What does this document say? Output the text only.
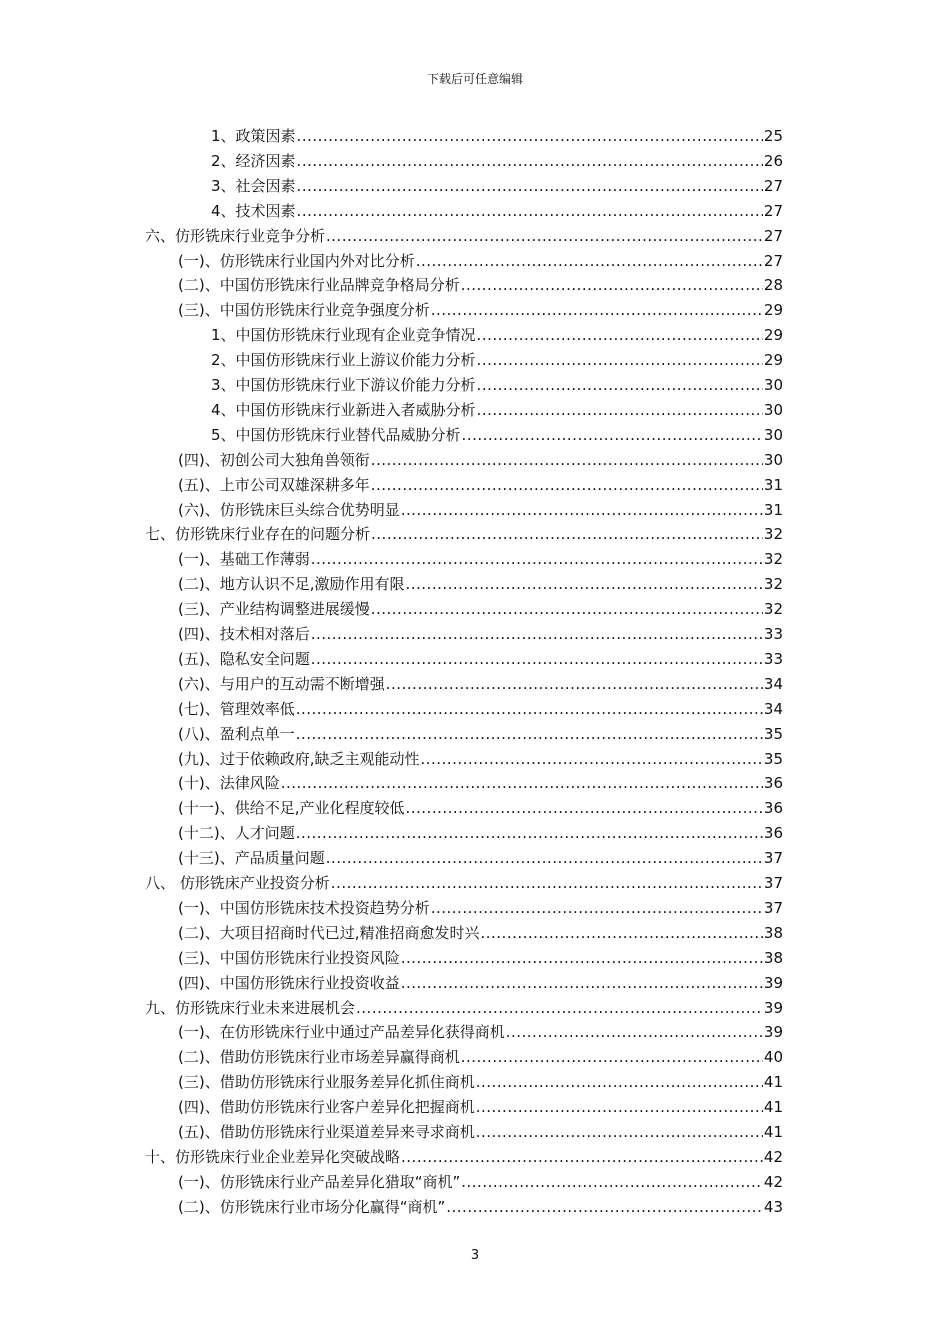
下载后可任意编辑
1、政策因素 .....	25
2、经济因素 .....	26
3、社会因素 .....	27
4、技术因素 .....	27
六、仿形铣床行业竞争分析 .....	27
(一)、仿形铣床行业国内外对比分析 .....	27
(二)、中国仿形铣床行业品牌竞争格局分析 .....	28
(三)、中国仿形铣床行业竞争强度分析 .....	29
1、中国仿形铣床行业现有企业竞争情况 .....	29
2、中国仿形铣床行业上游议价能力分析 .....	29
3、中国仿形铣床行业下游议价能力分析 .....	30
4、中国仿形铣床行业新进入者威胁分析 .....	30
5、中国仿形铣床行业替代品威胁分析 .....	30
(四)、初创公司大独角兽领衔 .....	30
(五)、上市公司双雄深耕多年 .....	31
(六)、仿形铣床巨头综合优势明显 .....	31
七、仿形铣床行业存在的问题分析 .....	32
(一)、基础工作薄弱 .....	32
(二)、地方认识不足,激励作用有限 .....	32
(三)、产业结构调整进展缓慢 .....	32
(四)、技术相对落后 .....	33
(五)、隐私安全问题 .....	33
(六)、与用户的互动需不断增强 .....	34
(七)、管理效率低 .....	34
(八)、盈利点单一 .....	35
(九)、过于依赖政府,缺乏主观能动性 .....	35
(十)、法律风险 .....	36
(十一)、供给不足,产业化程度较低 .....	36
(十二)、人才问题 .....	36
(十三)、产品质量问题 .....	37
八、 仿形铣床产业投资分析 .....	37
(一)、中国仿形铣床技术投资趋势分析 .....	37
(二)、大项目招商时代已过,精准招商愈发时兴 .....	38
(三)、中国仿形铣床行业投资风险 .....	38
(四)、中国仿形铣床行业投资收益 .....	39
九、仿形铣床行业未来进展机会 .....	39
(一)、在仿形铣床行业中通过产品差异化获得商机 .....	39
(二)、借助仿形铣床行业市场差异赢得商机 .....	40
(三)、借助仿形铣床行业服务差异化抓住商机 .....	41
(四)、借助仿形铣床行业客户差异化把握商机 .....	41
(五)、借助仿形铣床行业渠道差异来寻求商机 .....	41
十、仿形铣床行业企业差异化突破战略 .....	42
(一)、仿形铣床行业产品差异化猎取“商机” .....	42
(二)、仿形铣床行业市场分化赢得“商机” .....	43
3
